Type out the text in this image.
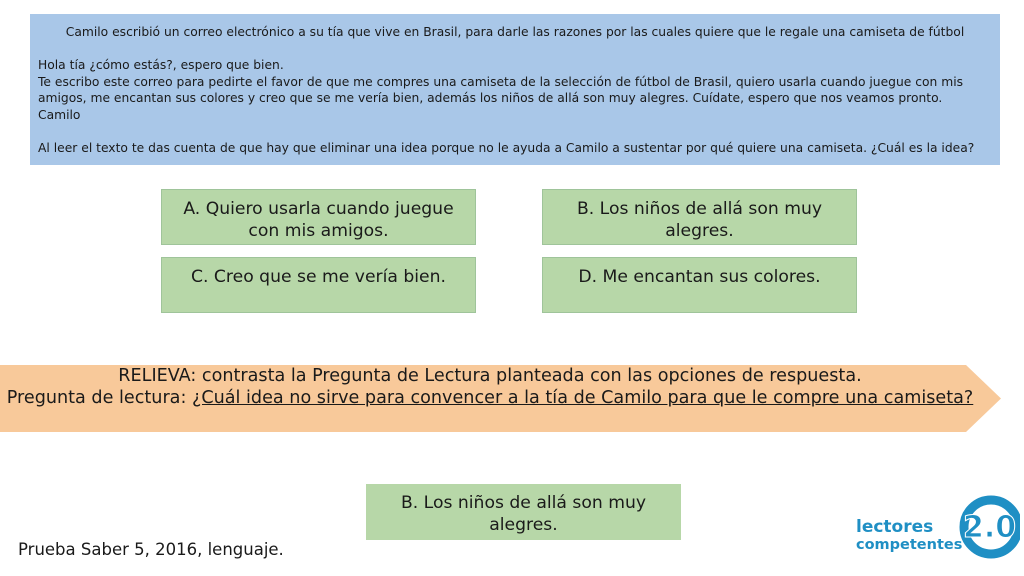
Camilo escribió un correo electrónico a su tía que vive en Brasil, para darle las razones por las cuales quiere que le regale una camiseta de fútbol

Hola tía ¿cómo estás?, espero que bien.

Te escribo este correo para pedirte el favor de que me compres una camiseta de la selección de fútbol de Brasil, quiero usarla cuando juegue con mis amigos, me encantan sus colores y creo que se me vería bien, además los niños de allá son muy alegres. Cuídate, espero que nos veamos pronto.

Camilo

Al leer el texto te das cuenta de que hay que eliminar una idea porque no le ayuda a Camilo a sustentar por qué quiere una camiseta. ¿Cuál es la idea?

A. Quiero usarla cuando juegue con mis amigos.
B. Los niños de allá son muy alegres.
C. Creo que se me vería bien.	D. Me encantan sus colores.
RELIEVA: contrasta la Pregunta de Lectura planteada con las opciones de respuesta.
Pregunta de lectura: ¿Cuál idea no sirve para convencer a la tía de Camilo para que le compre una camiseta?
B. Los niños de allá son muy alegres.
Prueba Saber 5, 2016, lenguaje.
2.0
lectores
competentes
